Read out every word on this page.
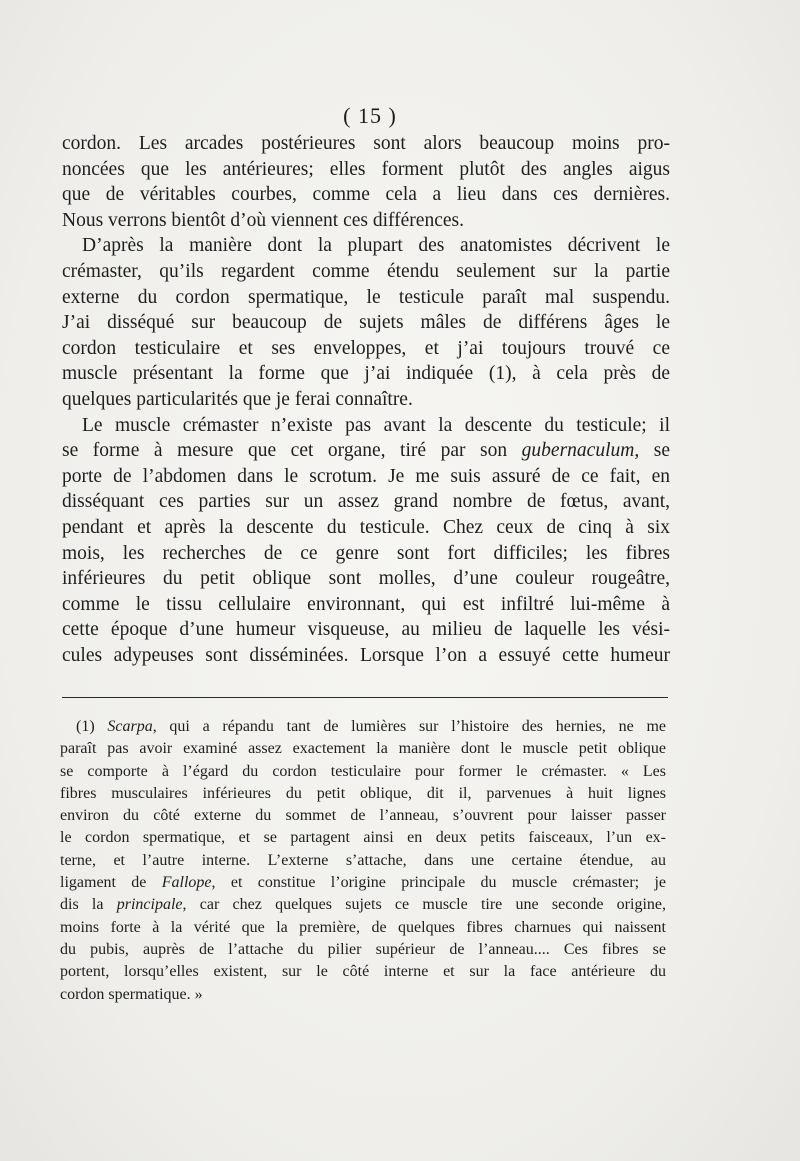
( 15 )
cordon. Les arcades postérieures sont alors beaucoup moins pro-
noncées que les antérieures; elles forment plutôt des angles aigus
que de véritables courbes, comme cela a lieu dans ces dernières.
Nous verrons bientôt d’où viennent ces différences.
D’après la manière dont la plupart des anatomistes décrivent le
crémaster, qu’ils regardent comme étendu seulement sur la partie
externe du cordon spermatique, le testicule paraît mal suspendu.
J’ai disséqué sur beaucoup de sujets mâles de différens âges le
cordon testiculaire et ses enveloppes, et j’ai toujours trouvé ce
muscle présentant la forme que j’ai indiquée (1), à cela près de
quelques particularités que je ferai connaître.
Le muscle crémaster n’existe pas avant la descente du testicule; il
se forme à mesure que cet organe, tiré par son gubernaculum, se
porte de l’abdomen dans le scrotum. Je me suis assuré de ce fait, en
disséquant ces parties sur un assez grand nombre de fœtus, avant,
pendant et après la descente du testicule. Chez ceux de cinq à six
mois, les recherches de ce genre sont fort difficiles; les fibres
inférieures du petit oblique sont molles, d’une couleur rougeâtre,
comme le tissu cellulaire environnant, qui est infiltré lui-même à
cette époque d’une humeur visqueuse, au milieu de laquelle les vési-
cules adypeuses sont disséminées. Lorsque l’on a essuyé cette humeur
(1) Scarpa, qui a répandu tant de lumières sur l’histoire des hernies, ne me
paraît pas avoir examiné assez exactement la manière dont le muscle petit oblique
se comporte à l’égard du cordon testiculaire pour former le crémaster. « Les
fibres musculaires inférieures du petit oblique, dit il, parvenues à huit lignes
environ du côté externe du sommet de l’anneau, s’ouvrent pour laisser passer
le cordon spermatique, et se partagent ainsi en deux petits faisceaux, l’un ex-
terne, et l’autre interne. L’externe s’attache, dans une certaine étendue, au
ligament de Fallope, et constitue l’origine principale du muscle crémaster; je
dis la principale, car chez quelques sujets ce muscle tire une seconde origine,
moins forte à la vérité que la première, de quelques fibres charnues qui naissent
du pubis, auprès de l’attache du pilier supérieur de l’anneau.... Ces fibres se
portent, lorsqu’elles existent, sur le côté interne et sur la face antérieure du
cordon spermatique. »
